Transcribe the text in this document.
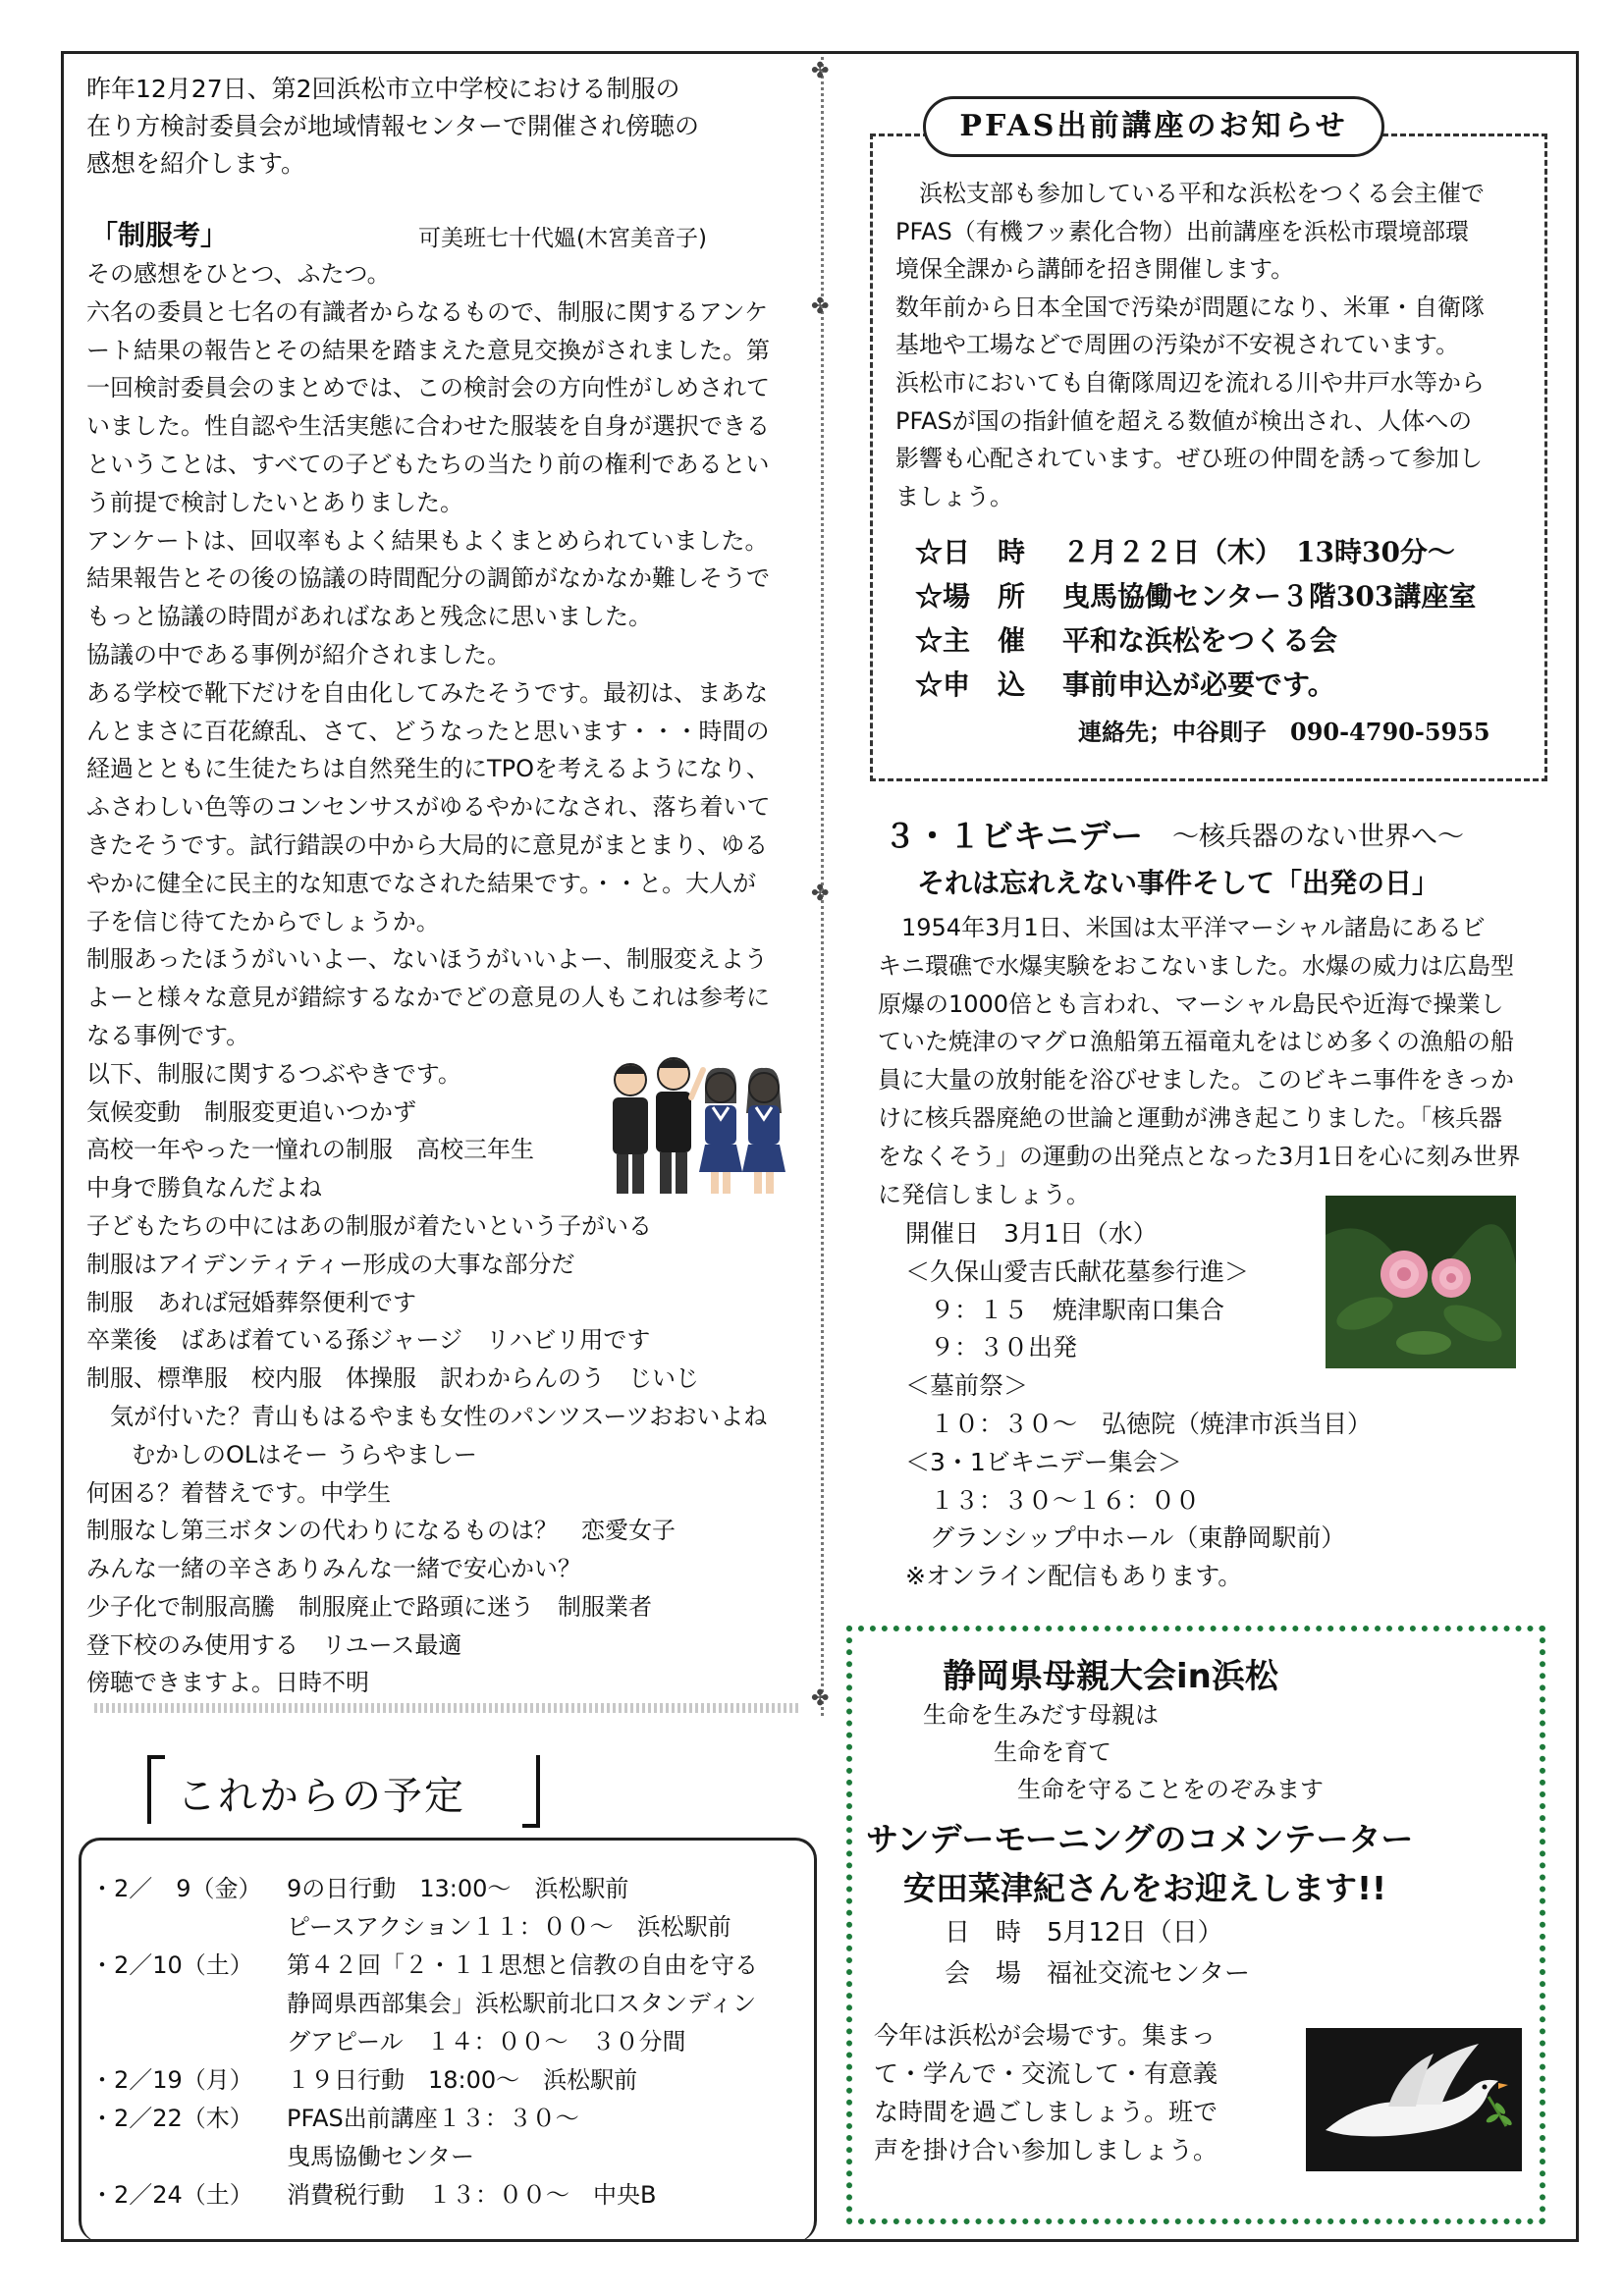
✤
✤
✤
✤
昨年12月27日、第2回浜松市立中学校における制服の
在り方検討委員会が地域情報センターで開催され傍聴の
感想を紹介します。
「制服考」	可美班七十代媼(木宮美音子)

その感想をひとつ、ふたつ。

六名の委員と七名の有識者からなるもので、制服に関するアンケ

ート結果の報告とその結果を踏まえた意見交換がされました。第

一回検討委員会のまとめでは、この検討会の方向性がしめされて

いました。性自認や生活実態に合わせた服装を自身が選択できる

ということは、すべての子どもたちの当たり前の権利であるとい

う前提で検討したいとありました。

アンケートは、回収率もよく結果もよくまとめられていました。

結果報告とその後の協議の時間配分の調節がなかなか難しそうで

もっと協議の時間があればなあと残念に思いました。

協議の中である事例が紹介されました。

ある学校で靴下だけを自由化してみたそうです。最初は、まあな

んとまさに百花繚乱、さて、どうなったと思います・・・時間の

経過とともに生徒たちは自然発生的にTPOを考えるようになり、

ふさわしい色等のコンセンサスがゆるやかになされ、落ち着いて

きたそうです。試行錯誤の中から大局的に意見がまとまり、ゆる

やかに健全に民主的な知恵でなされた結果です。・・と。大人が

子を信じ待てたからでしょうか。

制服あったほうがいいよー、ないほうがいいよー、制服変えよう

よーと様々な意見が錯綜するなかでどの意見の人もこれは参考に

なる事例です。

以下、制服に関するつぶやきです。

気候変動　制服変更追いつかず

高校一年やった一憧れの制服　高校三年生

中身で勝負なんだよね

子どもたちの中にはあの制服が着たいという子がいる

制服はアイデンティティー形成の大事な部分だ

制服　あれば冠婚葬祭便利です

卒業後　ばあば着ている孫ジャージ　リハビリ用です

制服、標準服　校内服　体操服　訳わからんのう　じいじ

気が付いた？青山もはるやまも女性のパンツスーツおおいよね

むかしのOLはそー うらやましー

何困る？着替えです。中学生

制服なし第三ボタンの代わりになるものは？　恋愛女子

みんな一緒の辛さありみんな一緒で安心かい？

少子化で制服高騰　制服廃止で路頭に迷う　制服業者

登下校のみ使用する　リユース最適

傍聴できますよ。日時不明

これからの予定
・2／　9（金）	9の日行動　13:00～　浜松駅前
ピースアクション１１：００～　浜松駅前
・2／10（土）	第４２回「２・１１思想と信教の自由を守る
静岡県西部集会」浜松駅前北口スタンディン
グアピール　１４：００～　３０分間
・2／19（月）	１９日行動　18:00～　浜松駅前
・2／22（木）	PFAS出前講座１３：３０～
曳馬協働センター
・2／24（土）	消費税行動　１３：００～　中央B
PFAS出前講座のお知らせ
　浜松支部も参加している平和な浜松をつくる会主催で
PFAS（有機フッ素化合物）出前講座を浜松市環境部環
境保全課から講師を招き開催します。
数年前から日本全国で汚染が問題になり、米軍・自衛隊
基地や工場などで周囲の汚染が不安視されています。
浜松市においても自衛隊周辺を流れる川や井戸水等から
PFASが国の指針値を超える数値が検出され、人体への
影響も心配されています。ぜひ班の仲間を誘って参加し
ましょう。
☆日　時	２月２２日（木）　13時30分～
☆場　所	曳馬協働センター３階303講座室
☆主　催	平和な浜松をつくる会
☆申　込	事前申込が必要です。
連絡先；中谷則子　090-4790-5955
３・１ビキニデー ～核兵器のない世界へ～
それは忘れえない事件そして「出発の日」

　1954年3月1日、米国は太平洋マーシャル諸島にあるビ

キニ環礁で水爆実験をおこないました。水爆の威力は広島型

原爆の1000倍とも言われ、マーシャル島民や近海で操業し

ていた焼津のマグロ漁船第五福竜丸をはじめ多くの漁船の船

員に大量の放射能を浴びせました。このビキニ事件をきっか

けに核兵器廃絶の世論と運動が沸き起こりました。「核兵器

をなくそう」の運動の出発点となった3月1日を心に刻み世界

に発信しましょう。

開催日　3月1日（水）
＜久保山愛吉氏献花墓参行進＞
　９：１５　焼津駅南口集合
　９：３０出発
＜墓前祭＞
　１０：３０～　弘徳院（焼津市浜当目）
＜3・1ビキニデー集会＞
　１３：３０～１６：００
　グランシップ中ホール（東静岡駅前）
※オンライン配信もあります。
静岡県母親大会in浜松
生命を生みだす母親は
　　　生命を育て
　　　　生命を守ることをのぞみます
サンデーモーニングのコメンテーター
安田菜津紀さんをお迎えします!!
日　時　5月12日（日）
会　場　福祉交流センター
今年は浜松が会場です。集まっ
て・学んで・交流して・有意義
な時間を過ごしましょう。班で
声を掛け合い参加しましょう。
